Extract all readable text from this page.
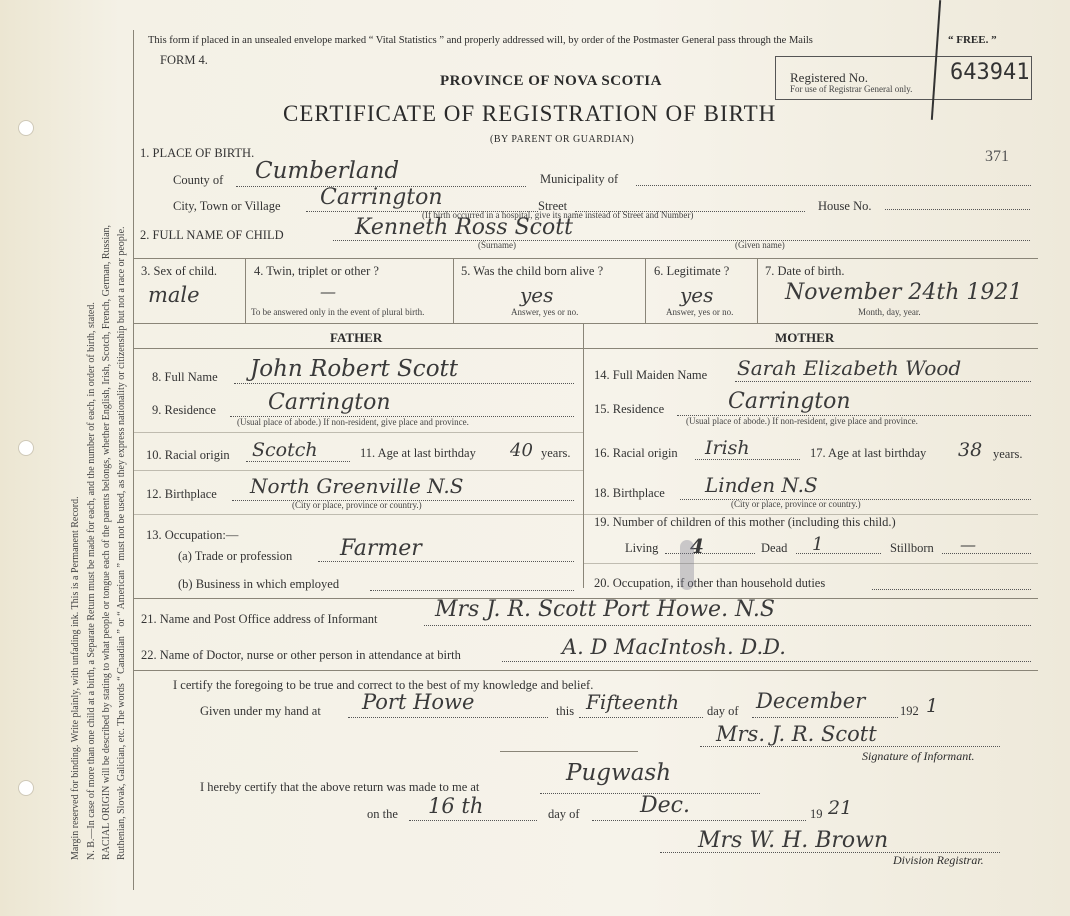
Margin reserved for binding. Write plainly, with unfading ink. This is a Permanent Record. N. B.—In case of more than one child at a birth, a Separate Return must be made for each, and the number of each, in order of birth, stated. RACIAL ORIGIN will be described by stating to what people or tongue each of the parents belongs, whether English, Irish, Scotch, French, German, Russian, Ruthenian, Slovak, Galician, etc. The words “ Canadian ” or “ American ” must not be used, as they express nationality or citizenship but not a race or people.
This form if placed in an unsealed envelope marked “ Vital Statistics ” and properly addressed will, by order of the Postmaster General pass through the Mails	“ FREE. ”
FORM 4.
PROVINCE OF NOVA SCOTIA
CERTIFICATE OF REGISTRATION OF BIRTH
(BY PARENT OR GUARDIAN)
Registered No.	643941
For use of Registrar General only.
371
1. PLACE OF BIRTH.
County of Cumberland	Municipality of
City, Town or Village Carrington	Street	House No.
(If birth occurred in a hospital, give its name instead of Street and Number)
2. FULL NAME OF CHILD	Kenneth Ross Scott
(Surname)	(Given name)
3. Sex of child.
male
4. Twin, triplet or other ?
—
To be answered only in the event of plural birth.
5. Was the child born alive ?
yes
Answer, yes or no.
6. Legitimate ?
yes
Answer, yes or no.
7. Date of birth.
November 24th 1921
Month, day, year.
FATHER	MOTHER
8. Full Name John Robert Scott
9. Residence Carrington
(Usual place of abode.) If non-resident, give place and province.
10. Racial origin Scotch	11. Age at last birthday 40 years.
12. Birthplace North Greenville N.S
(City or place, province or country.)
13. Occupation:—
(a) Trade or profession Farmer
(b) Business in which employed
14. Full Maiden Name Sarah Elizabeth Wood
15. Residence	Carrington
(Usual place of abode.) If non-resident, give place and province.
16. Racial origin Irish	17. Age at last birthday 38 years.
18. Birthplace Linden N.S
(City or place, province or country.)
19. Number of children of this mother (including this child.)
Living 4	Dead 1	Stillborn —
20. Occupation, if other than household duties
21. Name and Post Office address of Informant	Mrs J. R. Scott Port Howe. N.S
22. Name of Doctor, nurse or other person in attendance at birth	A. D MacIntosh. D.D.
I certify the foregoing to be true and correct to the best of my knowledge and belief.
Given under my hand at Port Howe	this Fifteenth day of December	192 1
Mrs. J. R. Scott
Signature of Informant.
I hereby certify that the above return was made to me at
Pugwash
on the 16 th	day of	Dec.	19 21
Mrs W. H. Brown
Division Registrar.
